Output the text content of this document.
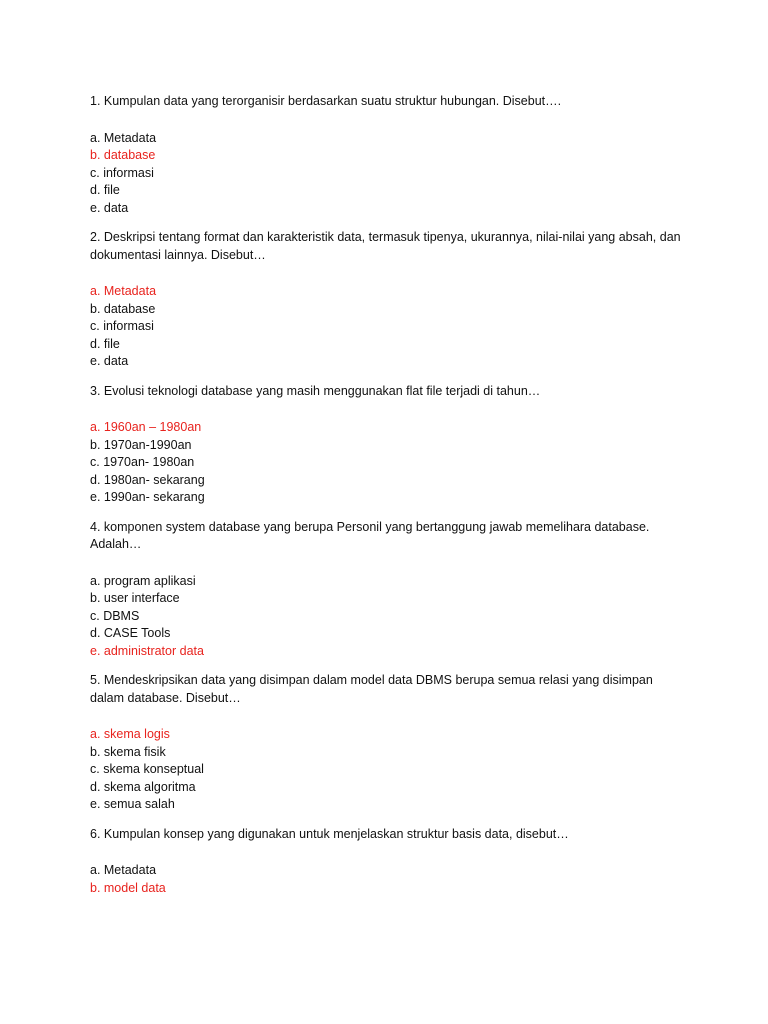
1. Kumpulan data yang terorganisir berdasarkan suatu struktur hubungan. Disebut….
a. Metadata
b. database
c. informasi
d. file
e. data
2. Deskripsi tentang format dan karakteristik data, termasuk tipenya, ukurannya, nilai-nilai yang absah, dan dokumentasi lainnya. Disebut…
a. Metadata
b. database
c. informasi
d. file
e. data
3. Evolusi teknologi database yang masih menggunakan flat file terjadi di tahun…
a. 1960an – 1980an
b. 1970an-1990an
c. 1970an- 1980an
d. 1980an- sekarang
e. 1990an- sekarang
4. komponen system database yang berupa Personil yang bertanggung jawab memelihara database. Adalah…
a. program aplikasi
b. user interface
c. DBMS
d. CASE Tools
e. administrator data
5. Mendeskripsikan data yang disimpan dalam model data DBMS berupa semua relasi yang disimpan dalam database. Disebut…
a. skema logis
b. skema fisik
c. skema konseptual
d. skema algoritma
e. semua salah
6. Kumpulan konsep yang digunakan untuk menjelaskan struktur basis data, disebut…
a. Metadata
b. model data
